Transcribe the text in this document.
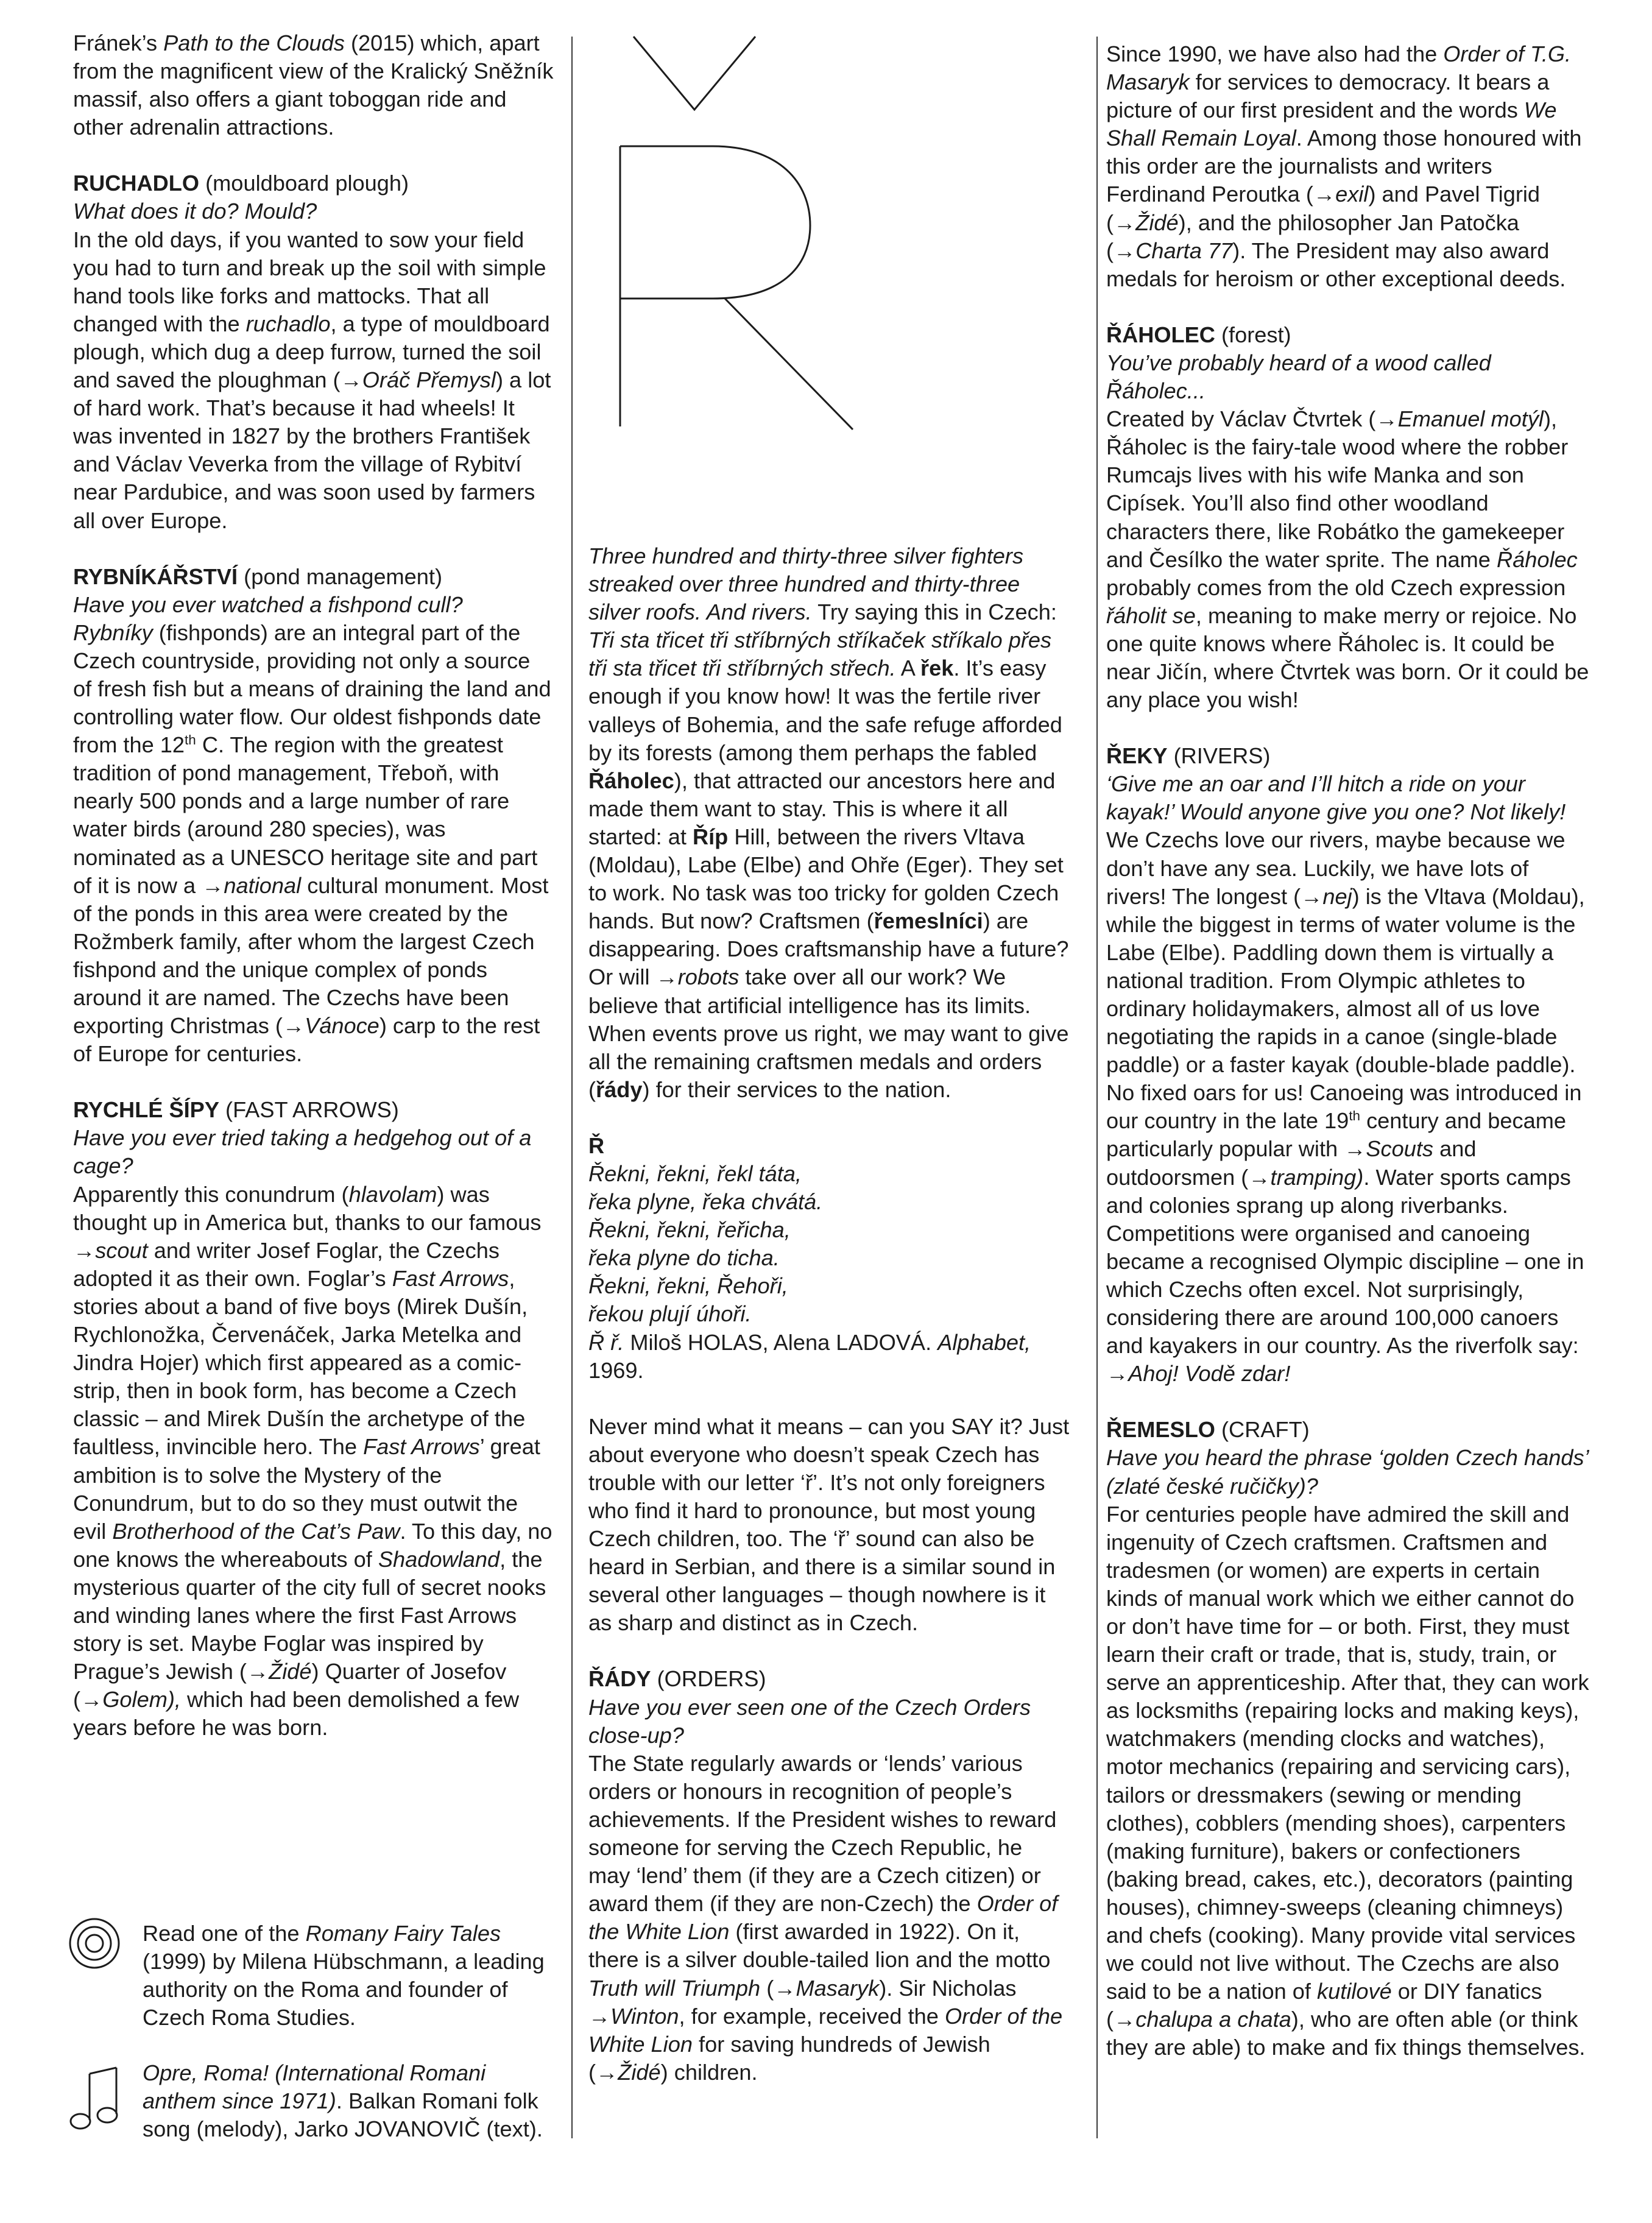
Fránek’s Path to the Clouds (2015) which, apart from the magnificent view of the Kralický Sněžník massif, also offers a giant toboggan ride and other adrenalin attractions.

RUCHADLO (mouldboard plough)

What does it do? Mould?

In the old days, if you wanted to sow your field you had to turn and break up the soil with simple hand tools like forks and mattocks. That all changed with the ruchadlo, a type of mouldboard plough, which dug a deep furrow, turned the soil and saved the ploughman (→Oráč Přemysl) a lot of hard work. That’s because it had wheels! It was invented in 1827 by the brothers František and Václav Veverka from the village of Rybitví near Pardubice, and was soon used by farmers all over Europe.

RYBNÍKÁŘSTVÍ (pond management)

Have you ever watched a fishpond cull?

Rybníky (fishponds) are an integral part of the Czech countryside, providing not only a source of fresh fish but a means of draining the land and controlling water flow. Our oldest fishponds date from the 12th C. The region with the greatest tradition of pond management, Třeboň, with nearly 500 ponds and a large number of rare water birds (around 280 species), was nominated as a UNESCO heritage site and part of it is now a →national cultural monument. Most of the ponds in this area were created by the Rožmberk family, after whom the largest Czech fishpond and the unique complex of ponds around it are named. The Czechs have been exporting Christmas (→Vánoce) carp to the rest of Europe for centuries.

RYCHLÉ ŠÍPY (FAST ARROWS)

Have you ever tried taking a hedgehog out of a cage?

Apparently this conundrum (hlavolam) was thought up in America but, thanks to our famous →scout and writer Josef Foglar, the Czechs adopted it as their own. Foglar’s Fast Arrows, stories about a band of five boys (Mirek Dušín, Rychlonožka, Červenáček, Jarka Metelka and Jindra Hojer) which first appeared as a comic-strip, then in book form, has become a Czech classic – and Mirek Dušín the archetype of the faultless, invincible hero. The Fast Arrows’ great ambition is to solve the Mystery of the Conundrum, but to do so they must outwit the evil Brotherhood of the Cat’s Paw. To this day, no one knows the whereabouts of Shadowland, the mysterious quarter of the city full of secret nooks and winding lanes where the first Fast Arrows story is set. Maybe Foglar was inspired by Prague’s Jewish (→Židé) Quarter of Josefov (→Golem), which had been demolished a few years before he was born.

Read one of the Romany Fairy Tales (1999) by Milena Hübschmann, a leading authority on the Roma and founder of Czech Roma Studies.

Opre, Roma! (International Romani anthem since 1971). Balkan Romani folk song (melody), Jarko JOVANOVIČ (text).

Three hundred and thirty-three silver fighters streaked over three hundred and thirty-three silver roofs. And rivers. Try saying this in Czech: Tři sta třicet tři stříbrných stříkaček stříkalo přes tři sta třicet tři stříbrných střech. A řek. It’s easy enough if you know how! It was the fertile river valleys of Bohemia, and the safe refuge afforded by its forests (among them perhaps the fabled Řáholec), that attracted our ancestors here and made them want to stay. This is where it all started: at Říp Hill, between the rivers Vltava (Moldau), Labe (Elbe) and Ohře (Eger). They set to work. No task was too tricky for golden Czech hands. But now? Craftsmen (řemeslníci) are disappearing. Does craftsmanship have a future? Or will →robots take over all our work? We believe that artificial intelligence has its limits. When events prove us right, we may want to give all the remaining craftsmen medals and orders (řády) for their services to the nation.

Ř

Řekni, řekni, řekl táta,

řeka plyne, řeka chvátá.

Řekni, řekni, řeřicha,

řeka plyne do ticha.

Řekni, řekni, Řehoři,

řekou plují úhoři.

Ř ř. Miloš HOLAS, Alena LADOVÁ. Alphabet, 1969.

Never mind what it means – can you SAY it? Just about everyone who doesn’t speak Czech has trouble with our letter ‘ř’. It’s not only foreigners who find it hard to pronounce, but most young Czech children, too. The ‘ř’ sound can also be heard in Serbian, and there is a similar sound in several other languages – though nowhere is it as sharp and distinct as in Czech.

ŘÁDY (ORDERS)

Have you ever seen one of the Czech Orders close-up?

The State regularly awards or ‘lends’ various orders or honours in recognition of people’s achievements. If the President wishes to reward someone for serving the Czech Republic, he may ‘lend’ them (if they are a Czech citizen) or award them (if they are non-Czech) the Order of the White Lion (first awarded in 1922). On it, there is a silver double-tailed lion and the motto Truth will Triumph (→Masaryk). Sir Nicholas →Winton, for example, received the Order of the White Lion for saving hundreds of Jewish (→Židé) children.

Since 1990, we have also had the Order of T.G. Masaryk for services to democracy. It bears a picture of our first president and the words We Shall Remain Loyal. Among those honoured with this order are the journalists and writers Ferdinand Peroutka (→exil) and Pavel Tigrid (→Židé), and the philosopher Jan Patočka (→Charta 77). The President may also award medals for heroism or other exceptional deeds.

ŘÁHOLEC (forest)

You’ve probably heard of a wood called Řáholec...

Created by Václav Čtvrtek (→Emanuel motýl), Řáholec is the fairy-tale wood where the robber Rumcajs lives with his wife Manka and son Cipísek. You’ll also find other woodland characters there, like Robátko the gamekeeper and Česílko the water sprite. The name Řáholec probably comes from the old Czech expression řáholit se, meaning to make merry or rejoice. No one quite knows where Řáholec is. It could be near Jičín, where Čtvrtek was born. Or it could be any place you wish!

ŘEKY (RIVERS)

‘Give me an oar and I’ll hitch a ride on your kayak!’ Would anyone give you one? Not likely!

We Czechs love our rivers, maybe because we don’t have any sea. Luckily, we have lots of rivers! The longest (→nej) is the Vltava (Moldau), while the biggest in terms of water volume is the Labe (Elbe). Paddling down them is virtually a national tradition. From Olympic athletes to ordinary holidaymakers, almost all of us love negotiating the rapids in a canoe (single-blade paddle) or a faster kayak (double-blade paddle). No fixed oars for us! Canoeing was introduced in our country in the late 19th century and became particularly popular with →Scouts and outdoorsmen (→tramping). Water sports camps and colonies sprang up along riverbanks. Competitions were organised and canoeing became a recognised Olympic discipline – one in which Czechs often excel. Not surprisingly, considering there are around 100,000 canoers and kayakers in our country. As the riverfolk say: →Ahoj! Vodě zdar!

ŘEMESLO (CRAFT)

Have you heard the phrase ‘golden Czech hands’ (zlaté české ručičky)?

For centuries people have admired the skill and ingenuity of Czech craftsmen. Craftsmen and tradesmen (or women) are experts in certain kinds of manual work which we either cannot do or don’t have time for – or both. First, they must learn their craft or trade, that is, study, train, or serve an apprenticeship. After that, they can work as locksmiths (repairing locks and making keys), watchmakers (mending clocks and watches), motor mechanics (repairing and servicing cars), tailors or dressmakers (sewing or mending clothes), cobblers (mending shoes), carpenters (making furniture), bakers or confectioners (baking bread, cakes, etc.), decorators (painting houses), chimney-sweeps (cleaning chimneys) and chefs (cooking). Many provide vital services we could not live without. The Czechs are also said to be a nation of kutilové or DIY fanatics (→chalupa a chata), who are often able (or think they are able) to make and fix things themselves.
